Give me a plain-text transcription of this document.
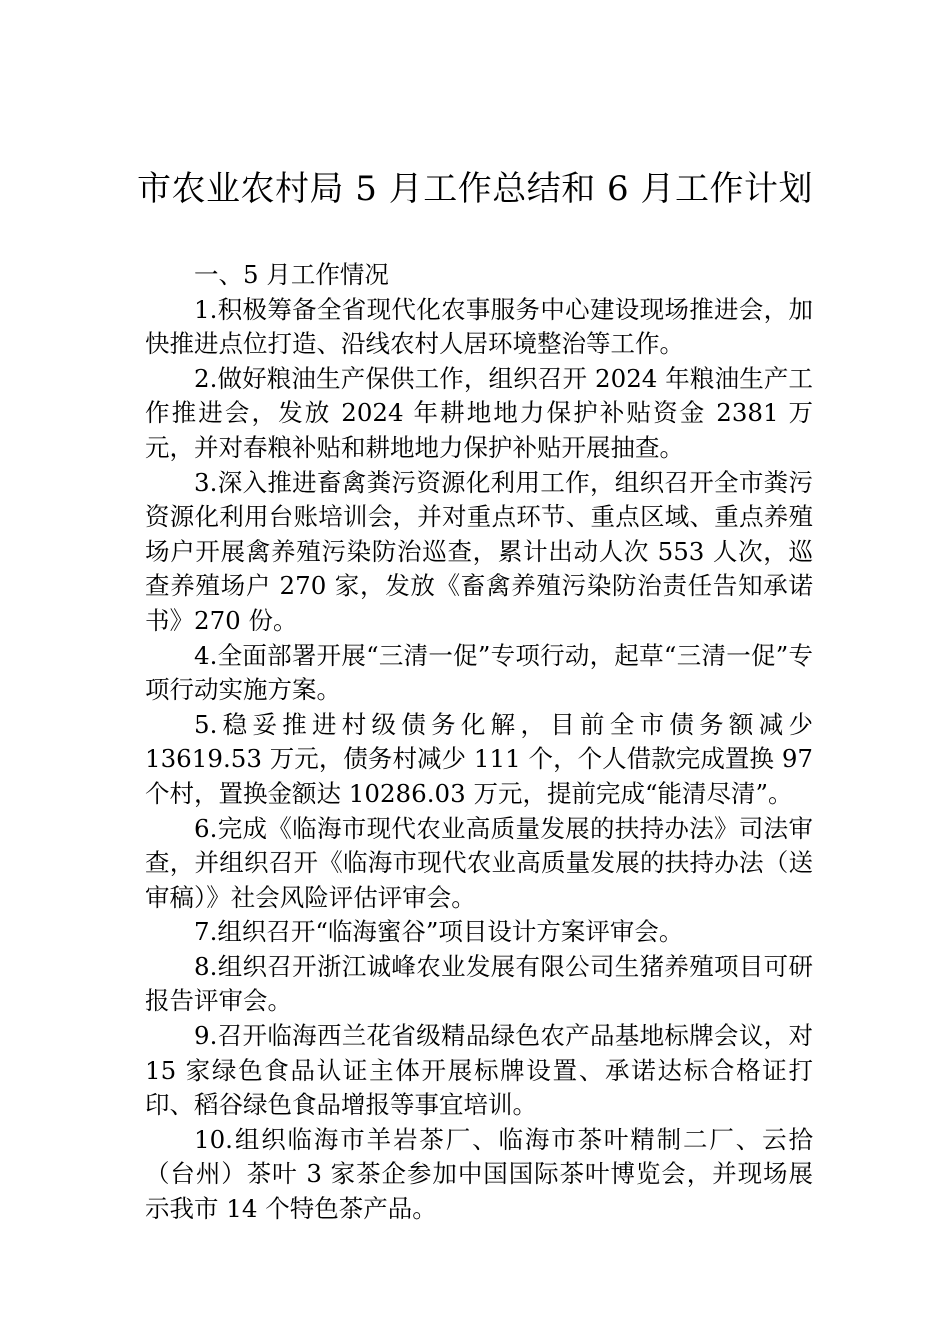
市农业农村局 5 月工作总结和 6 月工作计划

一、5 月工作情况

1.积极筹备全省现代化农事服务中心建设现场推进会，加快推进点位打造、沿线农村人居环境整治等工作。

2.做好粮油生产保供工作，组织召开 2024 年粮油生产工作推进会，发放 2024 年耕地地力保护补贴资金 2381 万元，并对春粮补贴和耕地地力保护补贴开展抽查。

3.深入推进畜禽粪污资源化利用工作，组织召开全市粪污资源化利用台账培训会，并对重点环节、重点区域、重点养殖场户开展禽养殖污染防治巡查，累计出动人次 553 人次，巡查养殖场户 270 家，发放《畜禽养殖污染防治责任告知承诺书》270 份。

4.全面部署开展“三清一促”专项行动，起草“三清一促”专项行动实施方案。

5.稳妥推进村级债务化解，目前全市债务额减少 13619.53 万元，债务村减少 111 个，个人借款完成置换 97 个村，置换金额达 10286.03 万元，提前完成“能清尽清”。

6.完成《临海市现代农业高质量发展的扶持办法》司法审查，并组织召开《临海市现代农业高质量发展的扶持办法（送审稿）》社会风险评估评审会。

7.组织召开“临海蜜谷”项目设计方案评审会。

8.组织召开浙江诚峰农业发展有限公司生猪养殖项目可研报告评审会。

9.召开临海西兰花省级精品绿色农产品基地标牌会议，对 15 家绿色食品认证主体开展标牌设置、承诺达标合格证打印、稻谷绿色食品增报等事宜培训。

10.组织临海市羊岩茶厂、临海市茶叶精制二厂、云拾（台州）茶叶 3 家茶企参加中国国际茶叶博览会，并现场展示我市 14 个特色茶产品。
